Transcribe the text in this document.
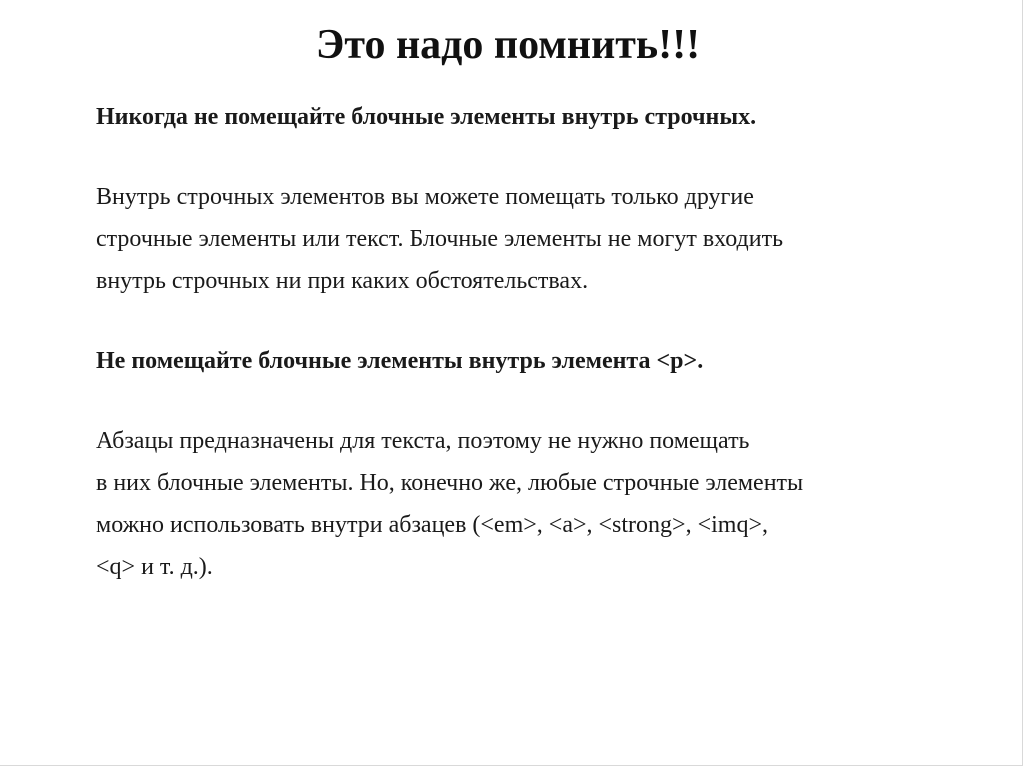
Это надо помнить!!!
Никогда не помещайте блочные элементы внутрь строчных.
Внутрь строчных элементов вы можете помещать только другие
строчные элементы или текст. Блочные элементы не могут входить
внутрь строчных ни при каких обстоятельствах.
Не помещайте блочные элементы внутрь элемента <p>.
Абзацы предназначены для текста, поэтому не нужно помещать
в них блочные элементы. Но, конечно же, любые строчные элементы
можно использовать внутри абзацев (<em>, <a>, <strong>, <imq>,
<q> и т. д.).
